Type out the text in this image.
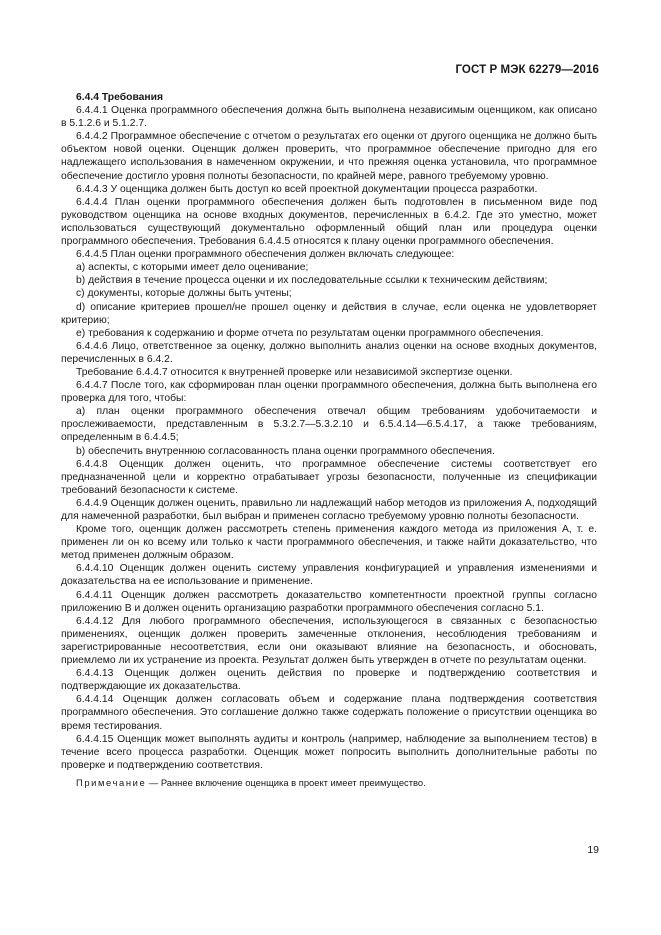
ГОСТ Р МЭК 62279—2016

6.4.4 Требования

6.4.4.1 Оценка программного обеспечения должна быть выполнена независимым оценщиком, как описано в 5.1.2.6 и 5.1.2.7.

6.4.4.2 Программное обеспечение с отчетом о результатах его оценки от другого оценщика не должно быть объектом новой оценки. Оценщик должен проверить, что программное обеспечение пригодно для его надлежащего использования в намеченном окружении, и что прежняя оценка установила, что программное обеспечение достигло уровня полноты безопасности, по крайней мере, равного требуемому уровню.

6.4.4.3 У оценщика должен быть доступ ко всей проектной документации процесса разработки.

6.4.4.4 План оценки программного обеспечения должен быть подготовлен в письменном виде под руководством оценщика на основе входных документов, перечисленных в 6.4.2. Где это уместно, может использоваться существующий документально оформленный общий план или процедура оценки программного обеспечения. Требования 6.4.4.5 относятся к плану оценки программного обеспечения.

6.4.4.5 План оценки программного обеспечения должен включать следующее:

a) аспекты, с которыми имеет дело оценивание;

b) действия в течение процесса оценки и их последовательные ссылки к техническим действиям;

c) документы, которые должны быть учтены;

d) описание критериев прошел/не прошел оценку и действия в случае, если оценка не удовлетворяет критерию;

e) требования к содержанию и форме отчета по результатам оценки программного обеспечения.

6.4.4.6 Лицо, ответственное за оценку, должно выполнить анализ оценки на основе входных документов, перечисленных в 6.4.2.

Требование 6.4.4.7 относится к внутренней проверке или независимой экспертизе оценки.

6.4.4.7 После того, как сформирован план оценки программного обеспечения, должна быть выполнена его проверка для того, чтобы:

a) план оценки программного обеспечения отвечал общим требованиям удобочитаемости и прослеживаемости, представленным в 5.3.2.7—5.3.2.10 и 6.5.4.14—6.5.4.17, а также требованиям, определенным в 6.4.4.5;

b) обеспечить внутреннюю согласованность плана оценки программного обеспечения.

6.4.4.8 Оценщик должен оценить, что программное обеспечение системы соответствует его предназначенной цели и корректно отрабатывает угрозы безопасности, полученные из спецификации требований безопасности к системе.

6.4.4.9 Оценщик должен оценить, правильно ли надлежащий набор методов из приложения А, подходящий для намеченной разработки, был выбран и применен согласно требуемому уровню полноты безопасности.

Кроме того, оценщик должен рассмотреть степень применения каждого метода из приложения А, т. е. применен ли он ко всему или только к части программного обеспечения, и также найти доказательство, что метод применен должным образом.

6.4.4.10 Оценщик должен оценить систему управления конфигурацией и управления изменениями и доказательства на ее использование и применение.

6.4.4.11 Оценщик должен рассмотреть доказательство компетентности проектной группы согласно приложению В и должен оценить организацию разработки программного обеспечения согласно 5.1.

6.4.4.12 Для любого программного обеспечения, использующегося в связанных с безопасностью применениях, оценщик должен проверить замеченные отклонения, несоблюдения требованиям и зарегистрированные несоответствия, если они оказывают влияние на безопасность, и обосновать, приемлемо ли их устранение из проекта. Результат должен быть утвержден в отчете по результатам оценки.

6.4.4.13 Оценщик должен оценить действия по проверке и подтверждению соответствия и подтверждающие их доказательства.

6.4.4.14 Оценщик должен согласовать объем и содержание плана подтверждения соответствия программного обеспечения. Это соглашение должно также содержать положение о присутствии оценщика во время тестирования.

6.4.4.15 Оценщик может выполнять аудиты и контроль (например, наблюдение за выполнением тестов) в течение всего процесса разработки. Оценщик может попросить выполнить дополнительные работы по проверке и подтверждению соответствия.

Примечание — Раннее включение оценщика в проект имеет преимущество.

19
